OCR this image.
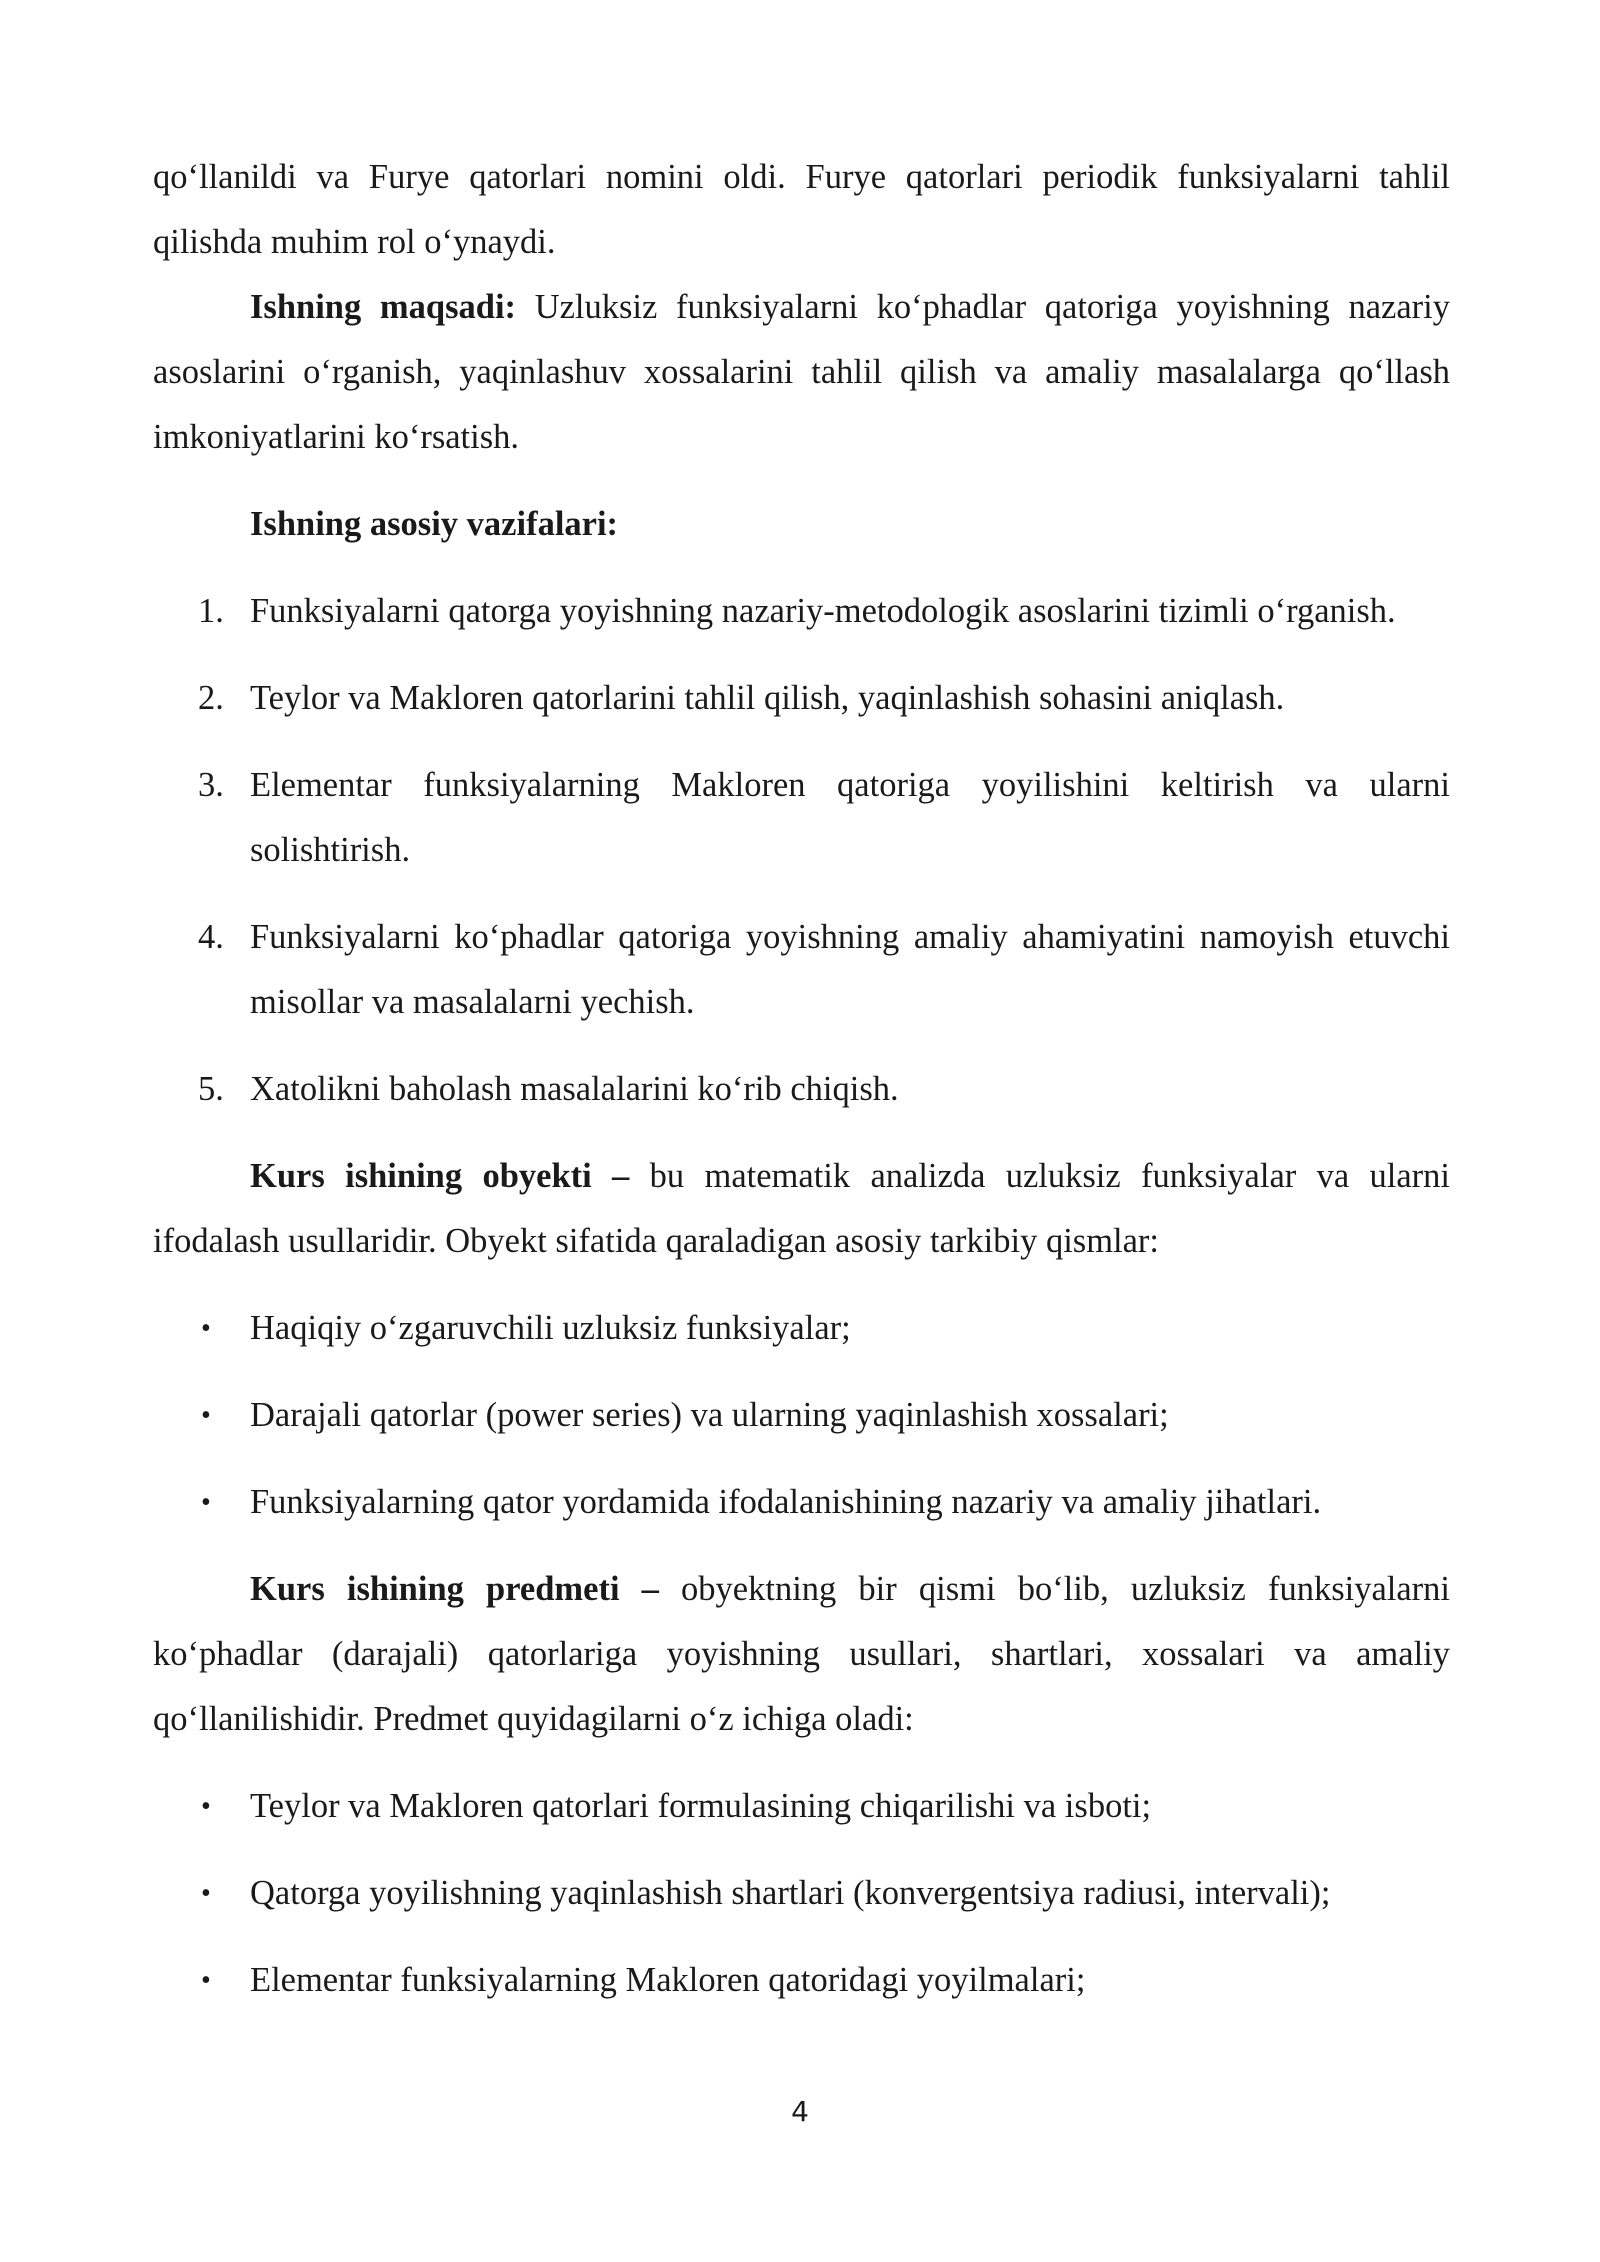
qo‘llanildi va Furye qatorlari nomini oldi. Furye qatorlari periodik funksiyalarni tahlil qilishda muhim rol o‘ynaydi.

Ishning maqsadi: Uzluksiz funksiyalarni ko‘phadlar qatoriga yoyishning nazariy asoslarini o‘rganish, yaqinlashuv xossalarini tahlil qilish va amaliy masalalarga qo‘llash imkoniyatlarini ko‘rsatish.

Ishning asosiy vazifalari:

1. Funksiyalarni qatorga yoyishning nazariy-metodologik asoslarini tizimli o‘rganish.
2. Teylor va Makloren qatorlarini tahlil qilish, yaqinlashish sohasini aniqlash.
3. Elementar funksiyalarning Makloren qatoriga yoyilishini keltirish va ularni solishtirish.
4. Funksiyalarni ko‘phadlar qatoriga yoyishning amaliy ahamiyatini namoyish etuvchi misollar va masalalarni yechish.
5. Xatolikni baholash masalalarini ko‘rib chiqish.

Kurs ishining obyekti – bu matematik analizda uzluksiz funksiyalar va ularni ifodalash usullaridir. Obyekt sifatida qaraladigan asosiy tarkibiy qismlar:

•	Haqiqiy o‘zgaruvchili uzluksiz funksiyalar;
•	Darajali qatorlar (power series) va ularning yaqinlashish xossalari;
•	Funksiyalarning qator yordamida ifodalanishining nazariy va amaliy jihatlari.

Kurs ishining predmeti – obyektning bir qismi bo‘lib, uzluksiz funksiyalarni ko‘phadlar (darajali) qatorlariga yoyishning usullari, shartlari, xossalari va amaliy qo‘llanilishidir. Predmet quyidagilarni o‘z ichiga oladi:

•	Teylor va Makloren qatorlari formulasining chiqarilishi va isboti;
•	Qatorga yoyilishning yaqinlashish shartlari (konvergentsiya radiusi, intervali);
•	Elementar funksiyalarning Makloren qatoridagi yoyilmalari;
4
